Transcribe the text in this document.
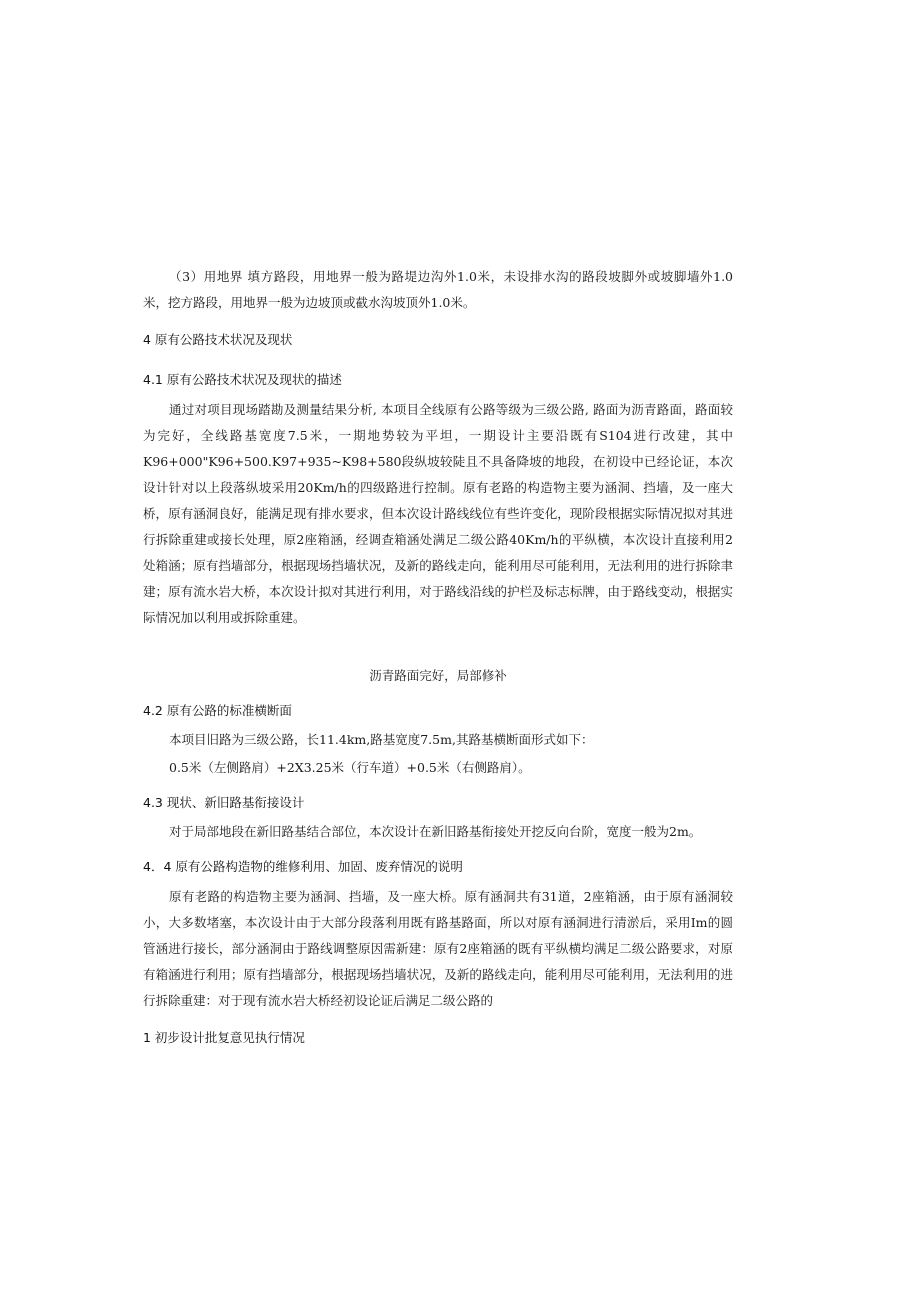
（3）用地界 填方路段，用地界一般为路堤边沟外1.0米，未设排水沟的路段坡脚外或坡脚墙外1.0米，挖方路段，用地界一般为边坡顶或截水沟坡顶外1.0米。

4 原有公路技术状况及现状

4.1 原有公路技术状况及现状的描述

通过对项目现场踏勘及测量结果分析, 本项目全线原有公路等级为三级公路, 路面为沥青路面，路面较为完好，全线路基宽度7.5米，一期地势较为平坦，一期设计主要沿既有S104进行改建，其中K96+000"K96+500.K97+935~K98+580段纵坡较陡且不具备降坡的地段，在初设中已经论证，本次设计针对以上段落纵坡采用20Km/h的四级路进行控制。原有老路的构造物主要为涵洞、挡墙，及一座大桥，原有涵洞良好，能满足现有排水要求，但本次设计路线线位有些许变化，现阶段根据实际情况拟对其进行拆除重建或接长处理，原2座箱涵，经调查箱涵处满足二级公路40Km/h的平纵横，本次设计直接利用2处箱涵；原有挡墙部分，根据现场挡墙状况，及新的路线走向，能利用尽可能利用，无法利用的进行拆除聿建；原有流水岩大桥，本次设计拟对其进行利用，对于路线沿线的护栏及标志标牌，由于路线变动，根据实际情况加以利用或拆除重建。

沥青路面完好，局部修补

4.2 原有公路的标准横断面

本项目旧路为三级公路，长11.4km,路基宽度7.5m,其路基横断面形式如下：

0.5米（左侧路肩）+2X3.25米（行车道）+0.5米（右侧路肩）。

4.3 现状、新旧路基衔接设计

对于局部地段在新旧路基结合部位，本次设计在新旧路基衔接处开挖反向台阶，宽度一般为2m。

4．4 原有公路构造物的维修利用、加固、废弃情况的说明

原有老路的构造物主要为涵洞、挡墙，及一座大桥。原有涵洞共有31道，2座箱涵，由于原有涵洞较小，大多数堵塞，本次设计由于大部分段落利用既有路基路面，所以对原有涵洞进行清淤后，采用Im的圆管涵进行接长，部分涵洞由于路线调整原因需新建：原有2座箱涵的既有平纵横均满足二级公路要求，对原有箱涵进行利用；原有挡墙部分，根据现场挡墙状况，及新的路线走向，能利用尽可能利用，无法利用的进行拆除重建：对于现有流水岩大桥经初设论证后满足二级公路的

1 初步设计批复意见执行情况
